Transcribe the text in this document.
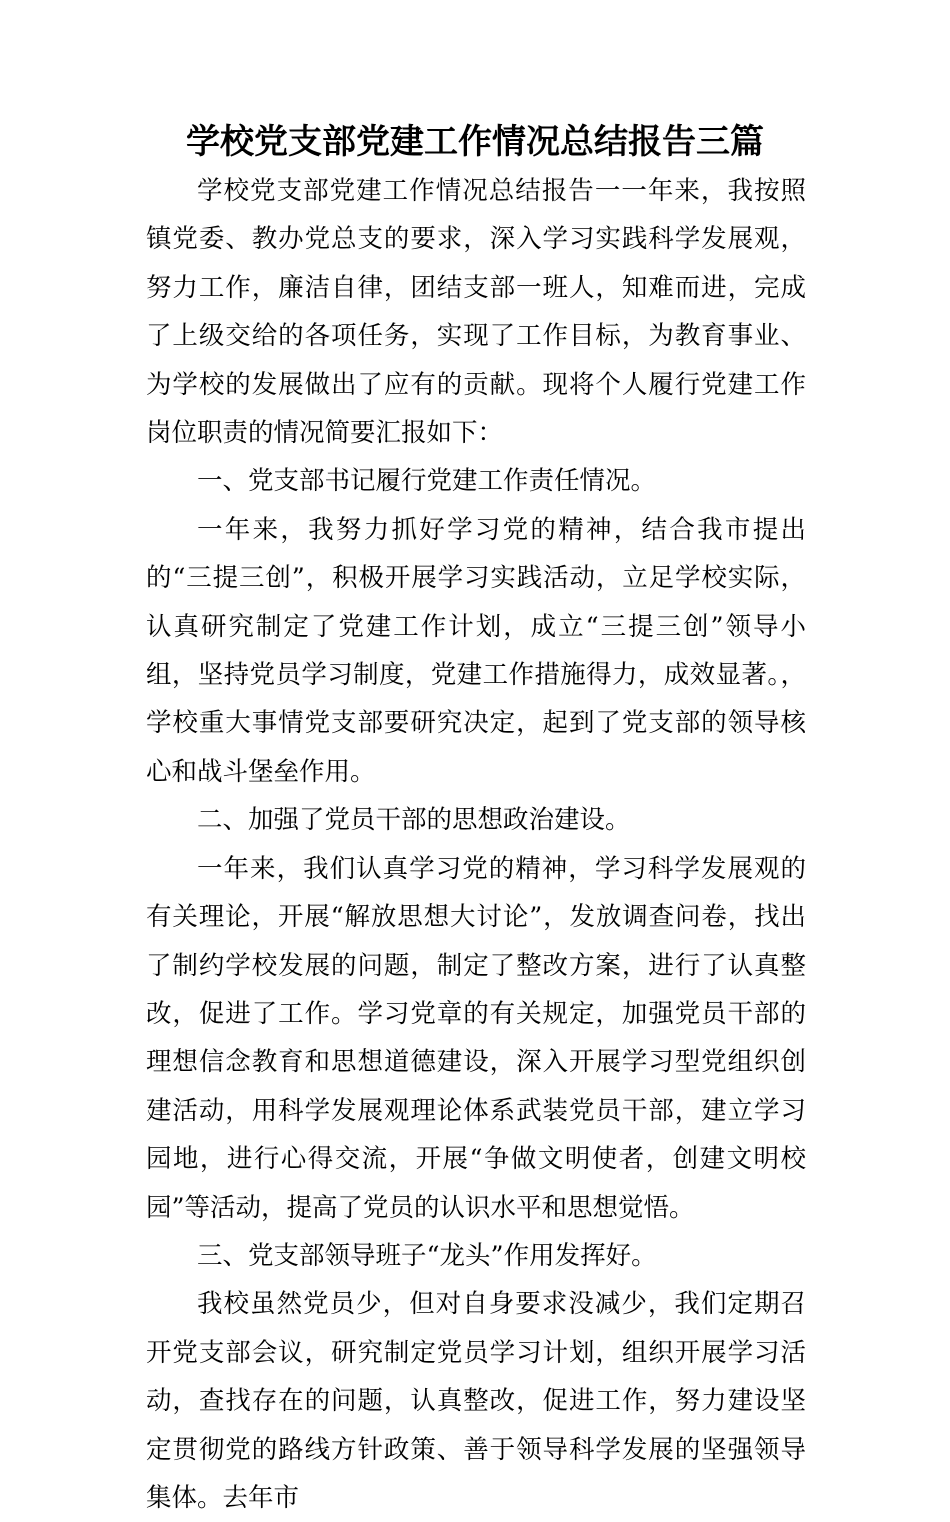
学校党支部党建工作情况总结报告三篇

学校党支部党建工作情况总结报告一一年来，我按照镇党委、教办党总支的要求，深入学习实践科学发展观，努力工作，廉洁自律，团结支部一班人，知难而进，完成了上级交给的各项任务，实现了工作目标，为教育事业、为学校的发展做出了应有的贡献。现将个人履行党建工作岗位职责的情况简要汇报如下：

一、党支部书记履行党建工作责任情况。

一年来，我努力抓好学习党的精神，结合我市提出的“三提三创”，积极开展学习实践活动，立足学校实际，认真研究制定了党建工作计划，成立“三提三创”领导小组，坚持党员学习制度，党建工作措施得力，成效显著。，学校重大事情党支部要研究决定，起到了党支部的领导核心和战斗堡垒作用。

二、加强了党员干部的思想政治建设。

一年来，我们认真学习党的精神，学习科学发展观的有关理论，开展“解放思想大讨论”，发放调查问卷，找出了制约学校发展的问题，制定了整改方案，进行了认真整改，促进了工作。学习党章的有关规定，加强党员干部的理想信念教育和思想道德建设，深入开展学习型党组织创建活动，用科学发展观理论体系武装党员干部，建立学习园地，进行心得交流，开展“争做文明使者，创建文明校园”等活动，提高了党员的认识水平和思想觉悟。

三、党支部领导班子“龙头”作用发挥好。

我校虽然党员少，但对自身要求没减少，我们定期召开党支部会议，研究制定党员学习计划，组织开展学习活动，查找存在的问题，认真整改，促进工作，努力建设坚定贯彻党的路线方针政策、善于领导科学发展的坚强领导集体。去年市
